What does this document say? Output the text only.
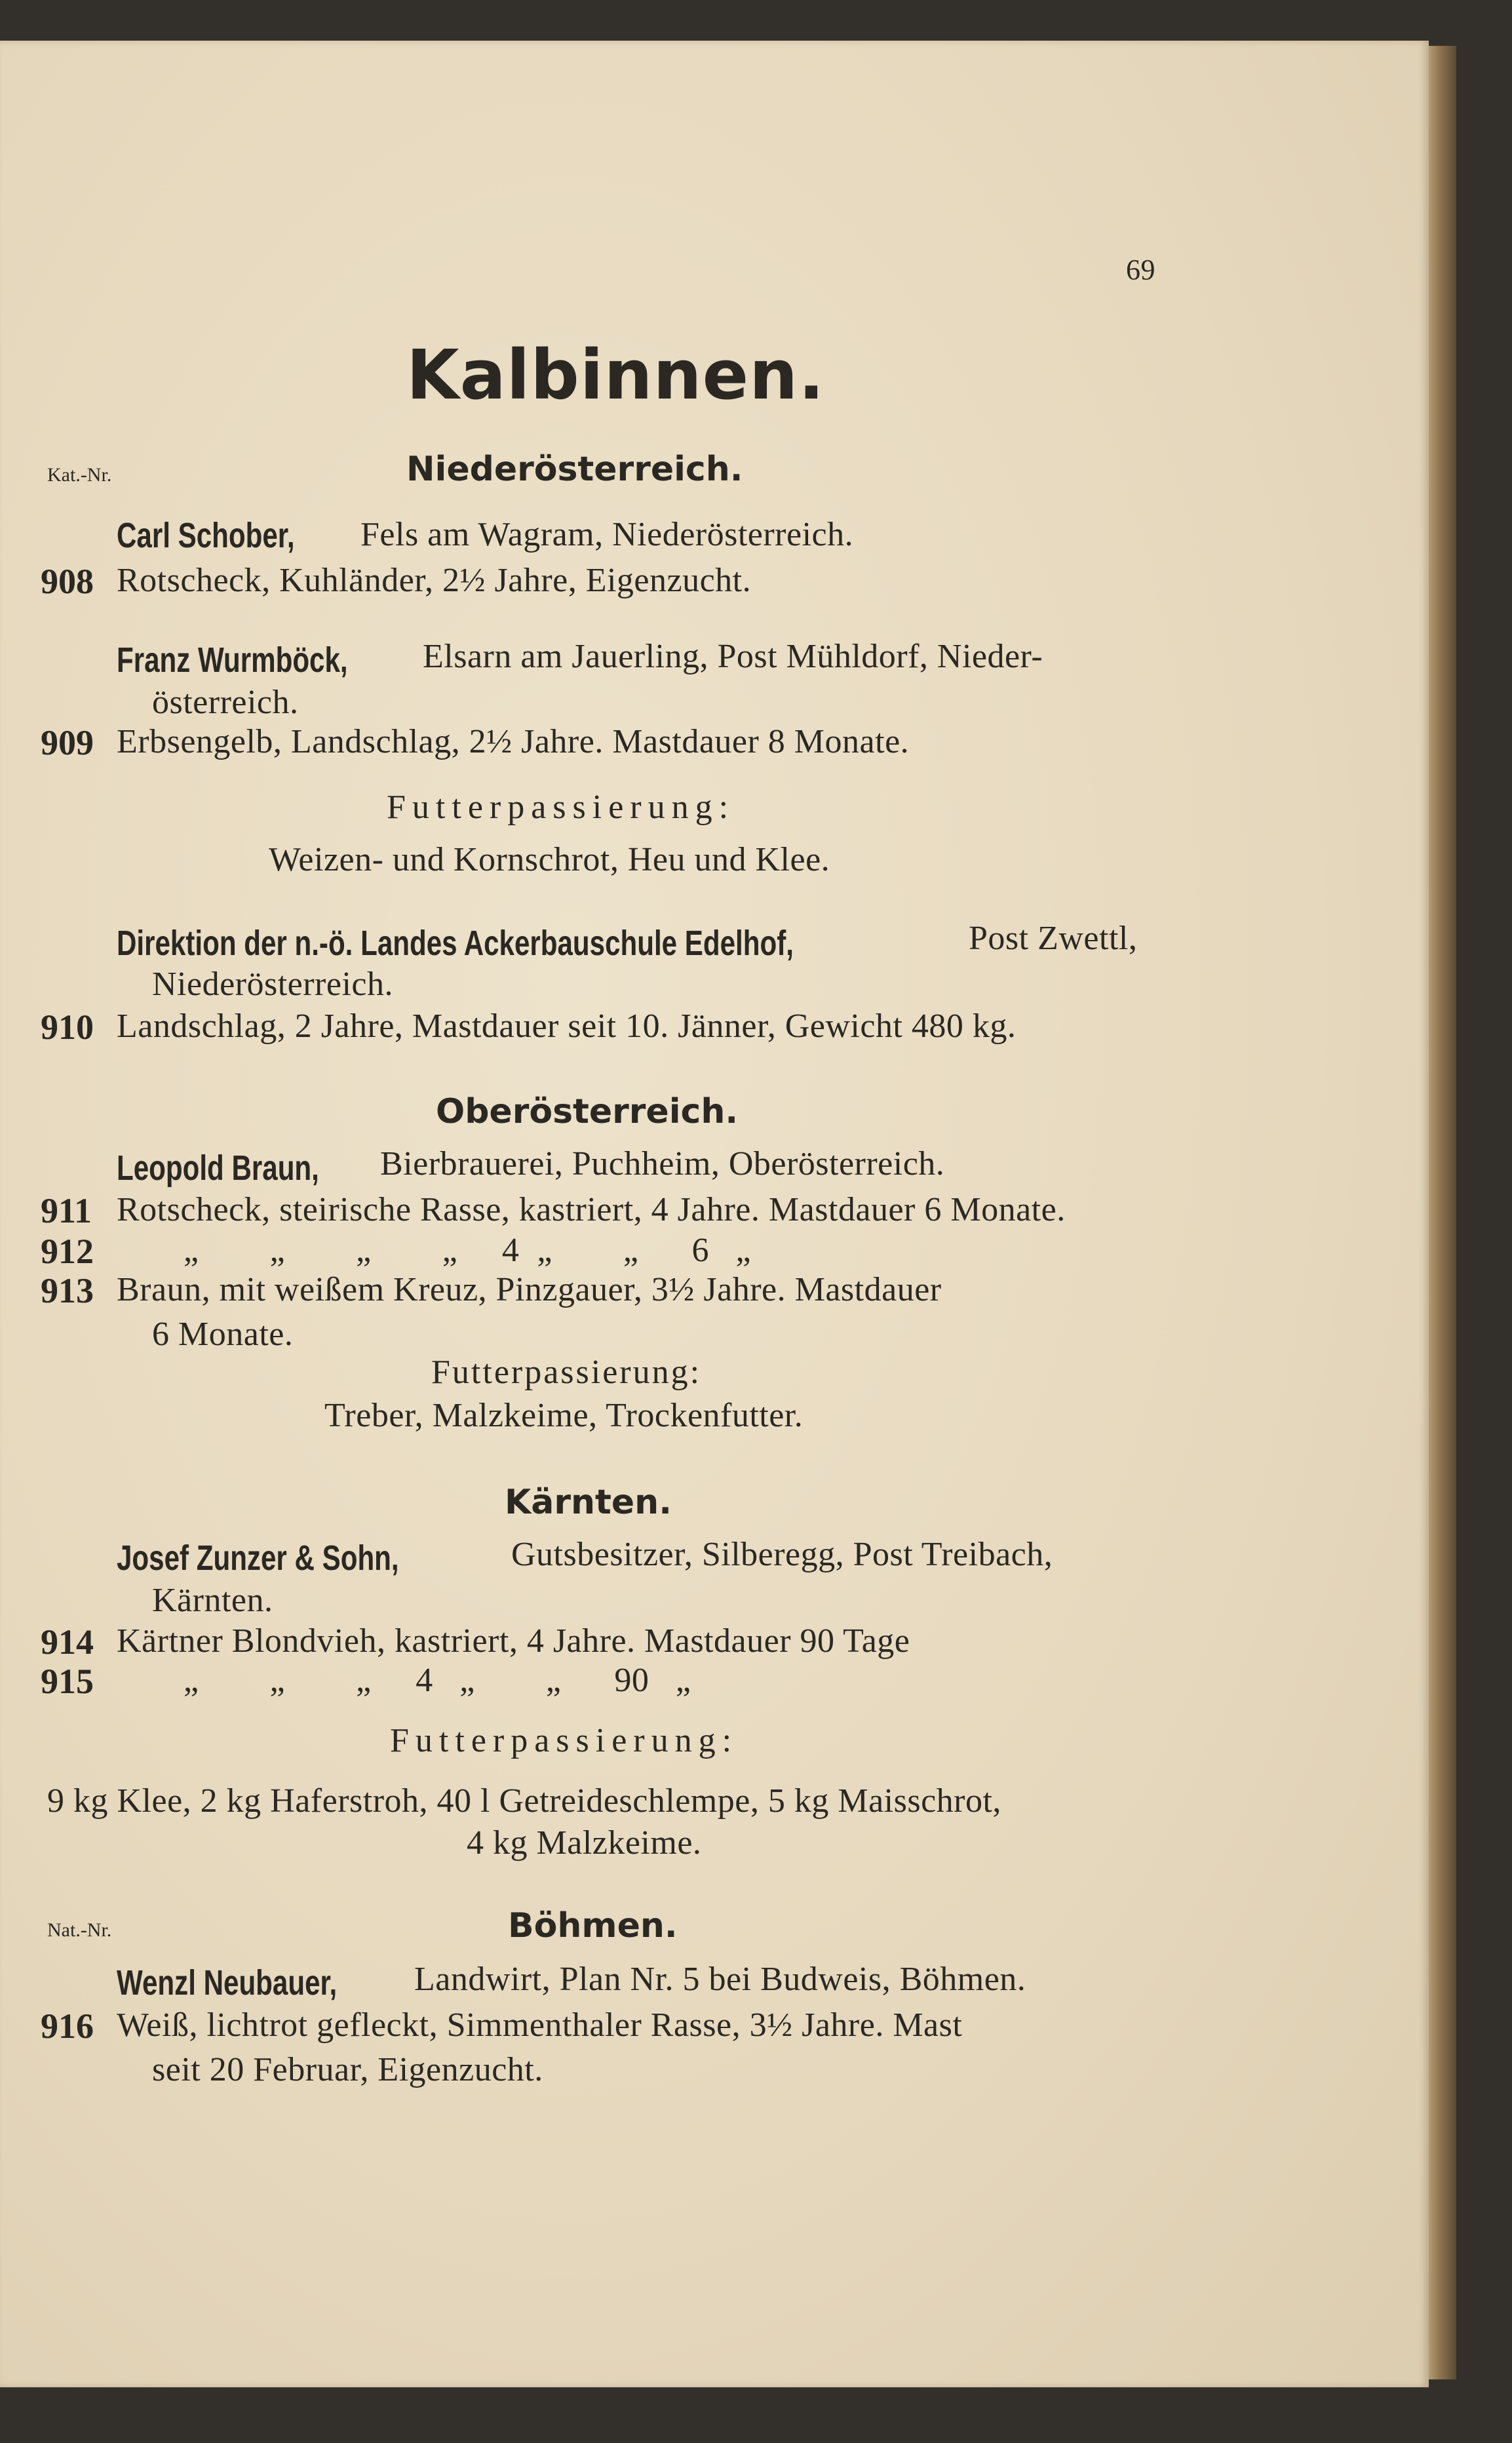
69
Kalbinnen.
Kat.-Nr.	Niederösterreich.
Carl Schober, Fels am Wagram, Niederösterreich.
908 Rotscheck, Kuhländer, 2½ Jahre, Eigenzucht.
Franz Wurmböck, Elsarn am Jauerling, Post Mühldorf, Nieder-
österreich.
909 Erbsengelb, Landschlag, 2½ Jahre. Mastdauer 8 Monate.
Futterpassierung:
Weizen- und Kornschrot, Heu und Klee.
Direktion der n.-ö. Landes Ackerbauschule Edelhof,	Post Zwettl,
Niederösterreich.
910 Landschlag, 2 Jahre, Mastdauer seit 10. Jänner, Gewicht 480 kg.
Oberösterreich.
Leopold Braun, Bierbrauerei, Puchheim, Oberösterreich.
911 Rotscheck, steirische Rasse, kastriert, 4 Jahre. Mastdauer 6 Monate.
912	„        „        „        „     4  „        „      6   „
913 Braun, mit weißem Kreuz, Pinzgauer, 3½ Jahre. Mastdauer
6 Monate.
Futterpassierung:
Treber, Malzkeime, Trockenfutter.
Kärnten.
Josef Zunzer & Sohn,	Gutsbesitzer, Silberegg, Post Treibach,
Kärnten.
914 Kärtner Blondvieh, kastriert, 4 Jahre. Mastdauer 90 Tage
915	„        „        „     4   „        „      90   „
Futterpassierung:
9 kg Klee, 2 kg Haferstroh, 40 l Getreideschlempe, 5 kg Maisschrot,
4 kg Malzkeime.
Nat.-Nr.	Böhmen.
Wenzl Neubauer, Landwirt, Plan Nr. 5 bei Budweis, Böhmen.
916 Weiß, lichtrot gefleckt, Simmenthaler Rasse, 3½ Jahre. Mast
seit 20 Februar, Eigenzucht.
